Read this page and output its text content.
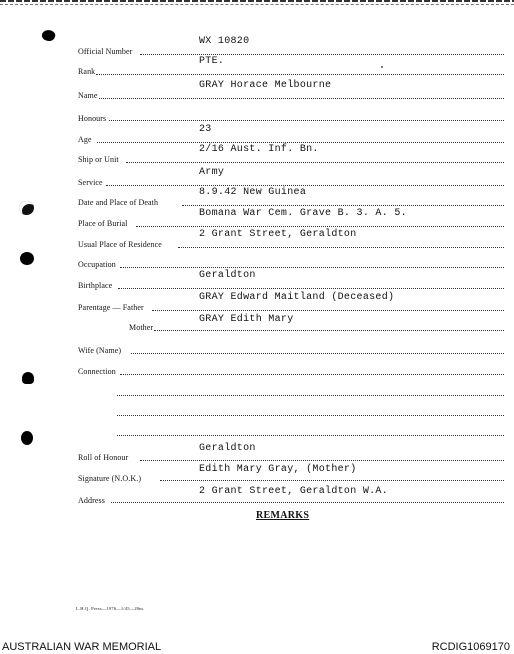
WX 10820
Official Number
PTE.
Rank
GRAY Horace Melbourne
Name
Honours
23
Age
2/16 Aust. Inf. Bn.
Ship or Unit
Army
Service
8.9.42 New Guinea
Date and Place of Death
Bomana War Cem. Grave B. 3. A. 5.
Place of Burial
2 Grant Street, Geraldton
Usual Place of Residence
Occupation
Geraldton
Birthplace
GRAY Edward Maitland (Deceased)
Parentage — Father
GRAY Edith Mary
Mother
Wife (Name)
Connection
Geraldton
Roll of Honour
Edith Mary Gray, (Mother)
Signature (N.O.K.)
2 Grant Street, Geraldton W.A.
Address
REMARKS
L.H.Q. Press—1976—1/45—20m.
AUSTRALIAN WAR MEMORIAL	RCDIG1069170
